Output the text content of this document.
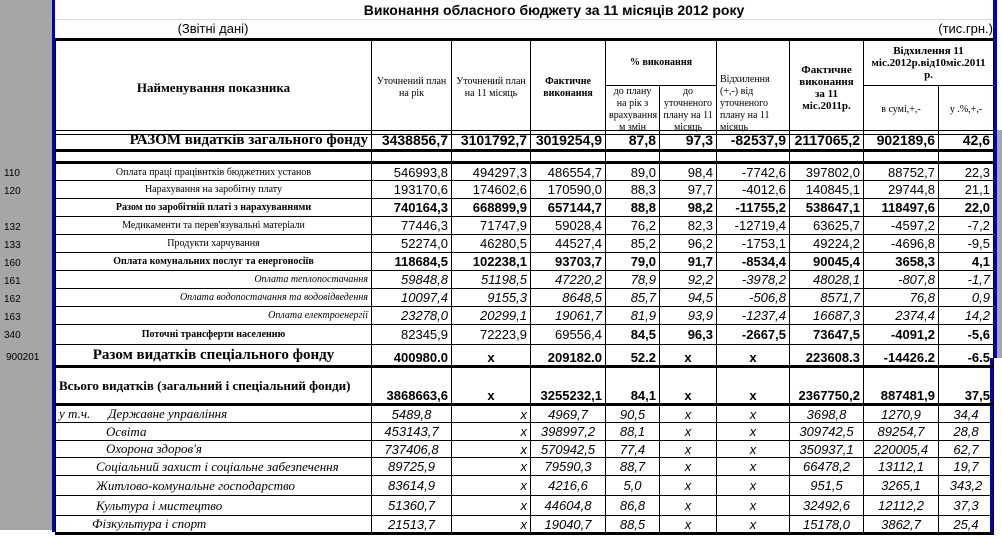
110
120
132
133
160
161
162
163
340
900201
Виконання обласного бюджету за 11 місяців 2012 року
(Звітні дані)	(тис.грн.)
Найменування показника	Уточнений план на рік	Уточнений план на 11 місяць	Фактичне виконання	% виконання		Відхилення (+,-) від уточненого плану на 11 місяць	Фактичне виконання за 11 міс.2011р.	Відхилення 11 міс.2012р.від10міс.2011 р.	
				до плану на рік з врахування м змін	до уточненого плану на 11 місяць			в сумі,+,-	у .%,+,-
РАЗОМ видатків загального фонду	3438856,7	3101792,7	3019254,9	87,8	97,3	-82537,9	2117065,2	902189,6	42,6

Оплата праці працівнтків бюджетних установ	546993,8	494297,3	486554,7	89,0	98,4	-7742,6	397802,0	88752,7	22,3
Нарахування на заробітну плату	193170,6	174602,6	170590,0	88,3	97,7	-4012,6	140845,1	29744,8	21,1
Разом по заробітній платі з нарахуваннями	740164,3	668899,9	657144,7	88,8	98,2	-11755,2	538647,1	118497,6	22,0
Медикаменти та перев'язувальні матеріали	77446,3	71747,9	59028,4	76,2	82,3	-12719,4	63625,7	-4597,2	-7,2
Продукти харчування	52274,0	46280,5	44527,4	85,2	96,2	-1753,1	49224,2	-4696,8	-9,5
Оплата комунальних послуг та енергоносіїв	118684,5	102238,1	93703,7	79,0	91,7	-8534,4	90045,4	3658,3	4,1
Оплата теплопостачання	59848,8	51198,5	47220,2	78,9	92,2	-3978,2	48028,1	-807,8	-1,7
Оплата водопостачання та водовідведення	10097,4	9155,3	8648,5	85,7	94,5	-506,8	8571,7	76,8	0,9
Оплата електроенергії	23278,0	20299,1	19061,7	81,9	93,9	-1237,4	16687,3	2374,4	14,2
Поточні трансферти населенню	82345,9	72223,9	69556,4	84,5	96,3	-2667,5	73647,5	-4091,2	-5,6
Разом видатків спеціального фонду	400980.0	x	209182.0	52.2	x	x	223608.3	-14426.2	-6.5
Всього видатків (загальний і спеціальний фонди)	3868663,6	x	3255232,1	84,1	x	x	2367750,2	887481,9	37,5
у т.ч. Державне управління	5489,8	x	4969,7	90,5	x	x	3698,8	1270,9	34,4
Освіта	453143,7	x	398997,2	88,1	x	x	309742,5	89254,7	28,8
Охорона здоров'я	737406,8	x	570942,5	77,4	x	x	350937,1	220005,4	62,7
Соціальний захист і соціальне забезпечення	89725,9	x	79590,3	88,7	x	x	66478,2	13112,1	19,7
Житлово-комунальне господарство	83614,9	x	4216,6	5,0	x	x	951,5	3265,1	343,2
Культура і мистецтво	51360,7	x	44604,8	86,8	x	x	32492,6	12112,2	37,3
Фізкультура і спорт	21513,7	x	19040,7	88,5	x	x	15178,0	3862,7	25,4
